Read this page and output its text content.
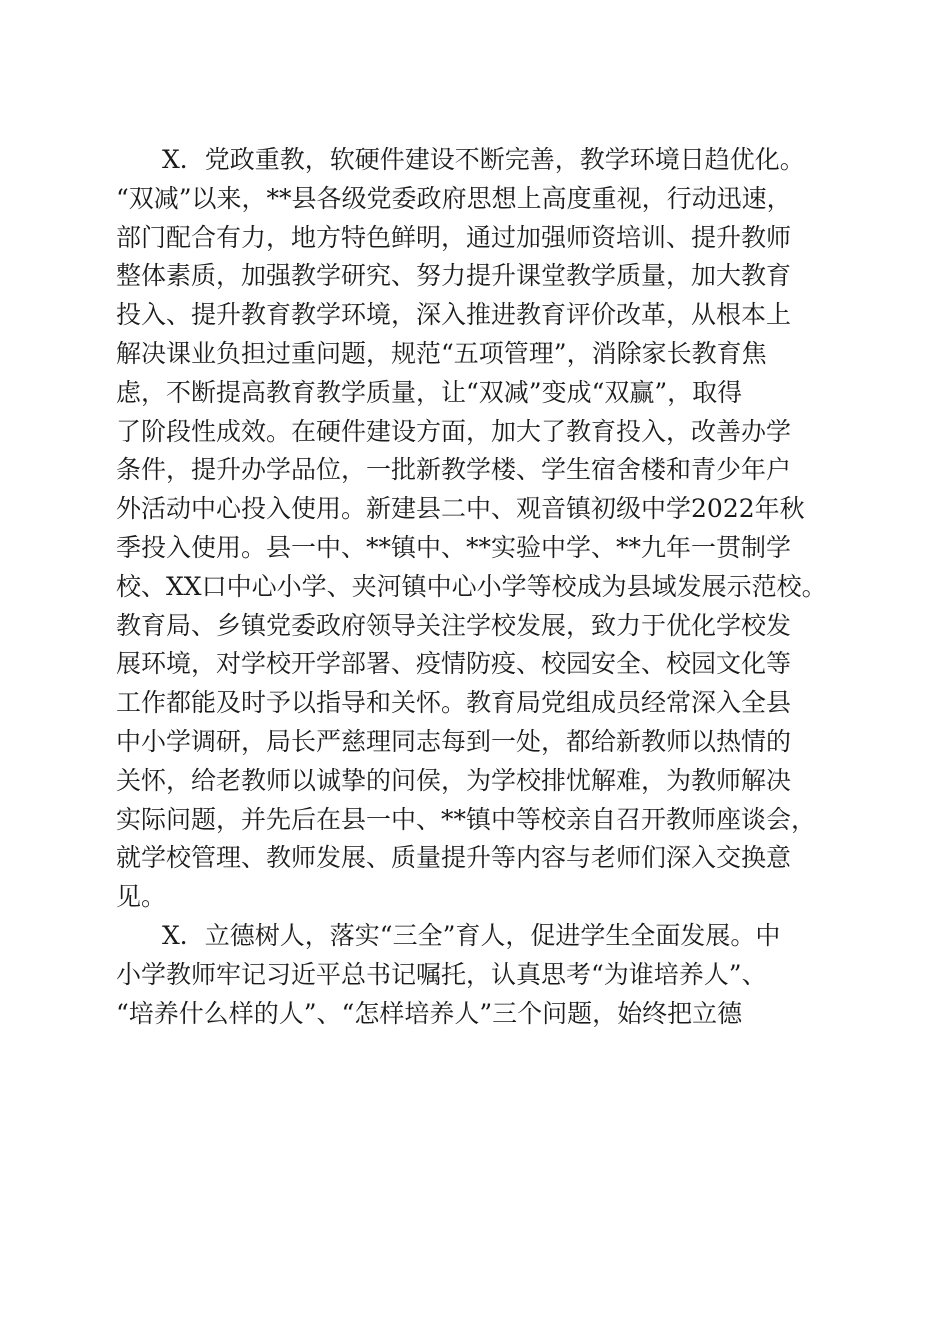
X．党政重教，软硬件建设不断完善，教学环境日趋优化。
“双减”以来，**县各级党委政府思想上高度重视，行动迅速，
部门配合有力，地方特色鲜明，通过加强师资培训、提升教师
整体素质，加强教学研究、努力提升课堂教学质量，加大教育
投入、提升教育教学环境，深入推进教育评价改革，从根本上
解决课业负担过重问题，规范“五项管理”，消除家长教育焦
虑，不断提高教育教学质量，让“双减”变成“双赢”，取得
了阶段性成效。在硬件建设方面，加大了教育投入，改善办学
条件，提升办学品位，一批新教学楼、学生宿舍楼和青少年户
外活动中心投入使用。新建县二中、观音镇初级中学2022年秋
季投入使用。县一中、**镇中、**实验中学、**九年一贯制学
校、XX口中心小学、夹河镇中心小学等校成为县域发展示范校。
教育局、乡镇党委政府领导关注学校发展，致力于优化学校发
展环境，对学校开学部署、疫情防疫、校园安全、校园文化等
工作都能及时予以指导和关怀。教育局党组成员经常深入全县
中小学调研，局长严慈理同志每到一处，都给新教师以热情的
关怀，给老教师以诚挚的问侯，为学校排忧解难，为教师解决
实际问题，并先后在县一中、**镇中等校亲自召开教师座谈会，
就学校管理、教师发展、质量提升等内容与老师们深入交换意
见。
X．立德树人，落实“三全”育人，促进学生全面发展。中
小学教师牢记习近平总书记嘱托，认真思考“为谁培养人”、
“培养什么样的人”、“怎样培养人”三个问题，始终把立德
